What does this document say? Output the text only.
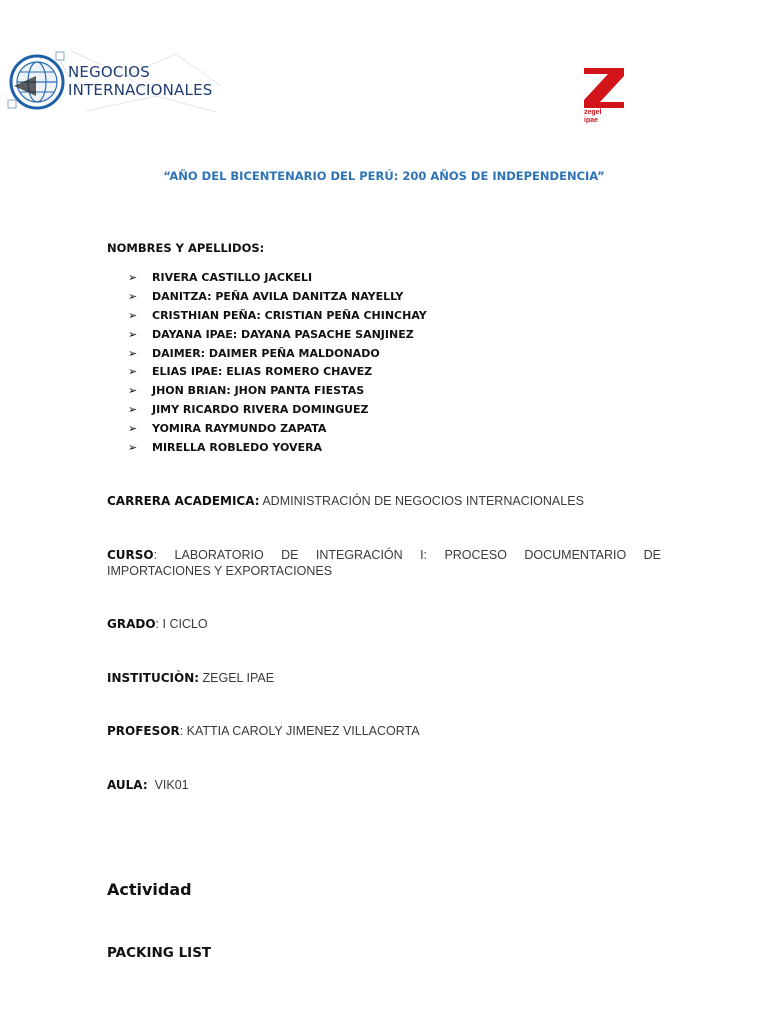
NEGOCIOS
INTERNACIONALES
zegel
ipae
“AÑO DEL BICENTENARIO DEL PERÚ: 200 AÑOS DE INDEPENDENCIA”
NOMBRES Y APELLIDOS:
➢	RIVERA CASTILLO JACKELI
➢	DANITZA: PEÑA AVILA DANITZA NAYELLY
➢	CRISTHIAN PEÑA: CRISTIAN PEÑA CHINCHAY
➢	DAYANA IPAE: DAYANA PASACHE SANJINEZ
➢	DAIMER: DAIMER PEÑA MALDONADO
➢	ELIAS IPAE: ELIAS ROMERO CHAVEZ
➢	JHON BRIAN: JHON PANTA FIESTAS
➢	JIMY RICARDO RIVERA DOMINGUEZ
➢	YOMIRA RAYMUNDO ZAPATA
➢	MIRELLA ROBLEDO YOVERA
CARRERA ACADEMICA: ADMINISTRACIÓN DE NEGOCIOS INTERNACIONALES
CURSO: LABORATORIO DE INTEGRACIÓN I: PROCESO DOCUMENTARIO DE IMPORTACIONES Y EXPORTACIONES
GRADO: I CICLO
INSTITUCIÒN: ZEGEL IPAE
PROFESOR: KATTIA CAROLY JIMENEZ VILLACORTA
AULA:  VIK01
Actividad
PACKING LIST
